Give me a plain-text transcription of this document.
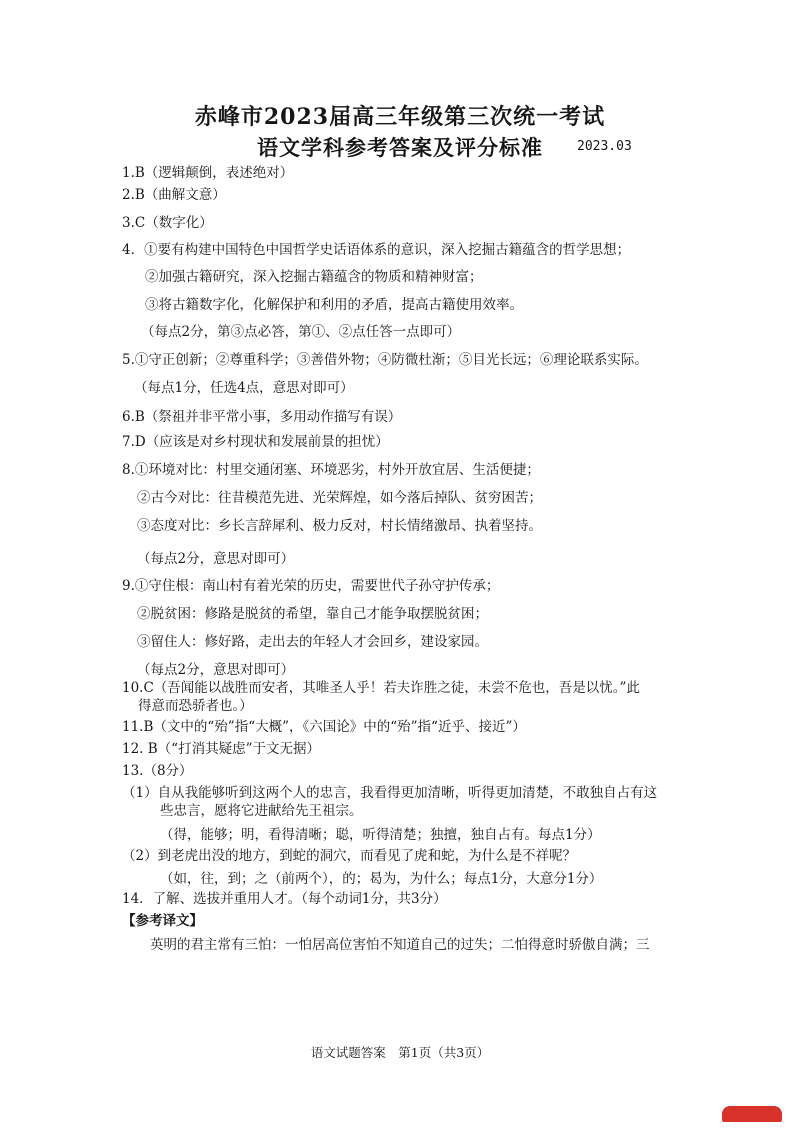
赤峰市2023届高三年级第三次统一考试
语文学科参考答案及评分标准	2023.03
1.B（逻辑颠倒，表述绝对）
2.B（曲解文意）
3.C（数字化）
4．①要有构建中国特色中国哲学史话语体系的意识，深入挖掘古籍蕴含的哲学思想；
②加强古籍研究，深入挖掘古籍蕴含的物质和精神财富；
③将古籍数字化，化解保护和利用的矛盾，提高古籍使用效率。
（每点2分，第③点必答，第①、②点任答一点即可）
5.①守正创新；②尊重科学；③善借外物；④防微杜渐；⑤目光长远；⑥理论联系实际。
（每点1分，任选4点，意思对即可）
6.B（祭祖并非平常小事，多用动作描写有误）
7.D（应该是对乡村现状和发展前景的担忧）
8.①环境对比：村里交通闭塞、环境恶劣，村外开放宜居、生活便捷；
②古今对比：往昔模范先进、光荣辉煌，如今落后掉队、贫穷困苦；
③态度对比：乡长言辞犀利、极力反对，村长情绪激昂、执着坚持。
（每点2分，意思对即可）
9.①守住根：南山村有着光荣的历史，需要世代子孙守护传承；
②脱贫困：修路是脱贫的希望，靠自己才能争取摆脱贫困；
③留住人：修好路，走出去的年轻人才会回乡，建设家园。
（每点2分，意思对即可）
10.C（吾闻能以战胜而安者，其唯圣人乎！若夫诈胜之徒，未尝不危也，吾是以忧。”此
得意而恐骄者也。）
11.B（文中的“殆”指“大概”，《六国论》中的“殆”指“近乎、接近”）
12. B（“打消其疑虑”于文无据）
13.（8分）
（1）自从我能够听到这两个人的忠言，我看得更加清晰，听得更加清楚，不敢独自占有这
些忠言，愿将它进献给先王祖宗。
（得，能够；明，看得清晰；聪，听得清楚；独擅，独自占有。每点1分）
（2）到老虎出没的地方，到蛇的洞穴，而看见了虎和蛇，为什么是不祥呢？
（如，往，到；之（前两个），的；曷为，为什么；每点1分，大意分1分）
14．了解、选拔并重用人才。（每个动词1分，共3分）
【参考译文】
英明的君主常有三怕：一怕居高位害怕不知道自己的过失；二怕得意时骄傲自满；三
语文试题答案　第1页（共3页）
